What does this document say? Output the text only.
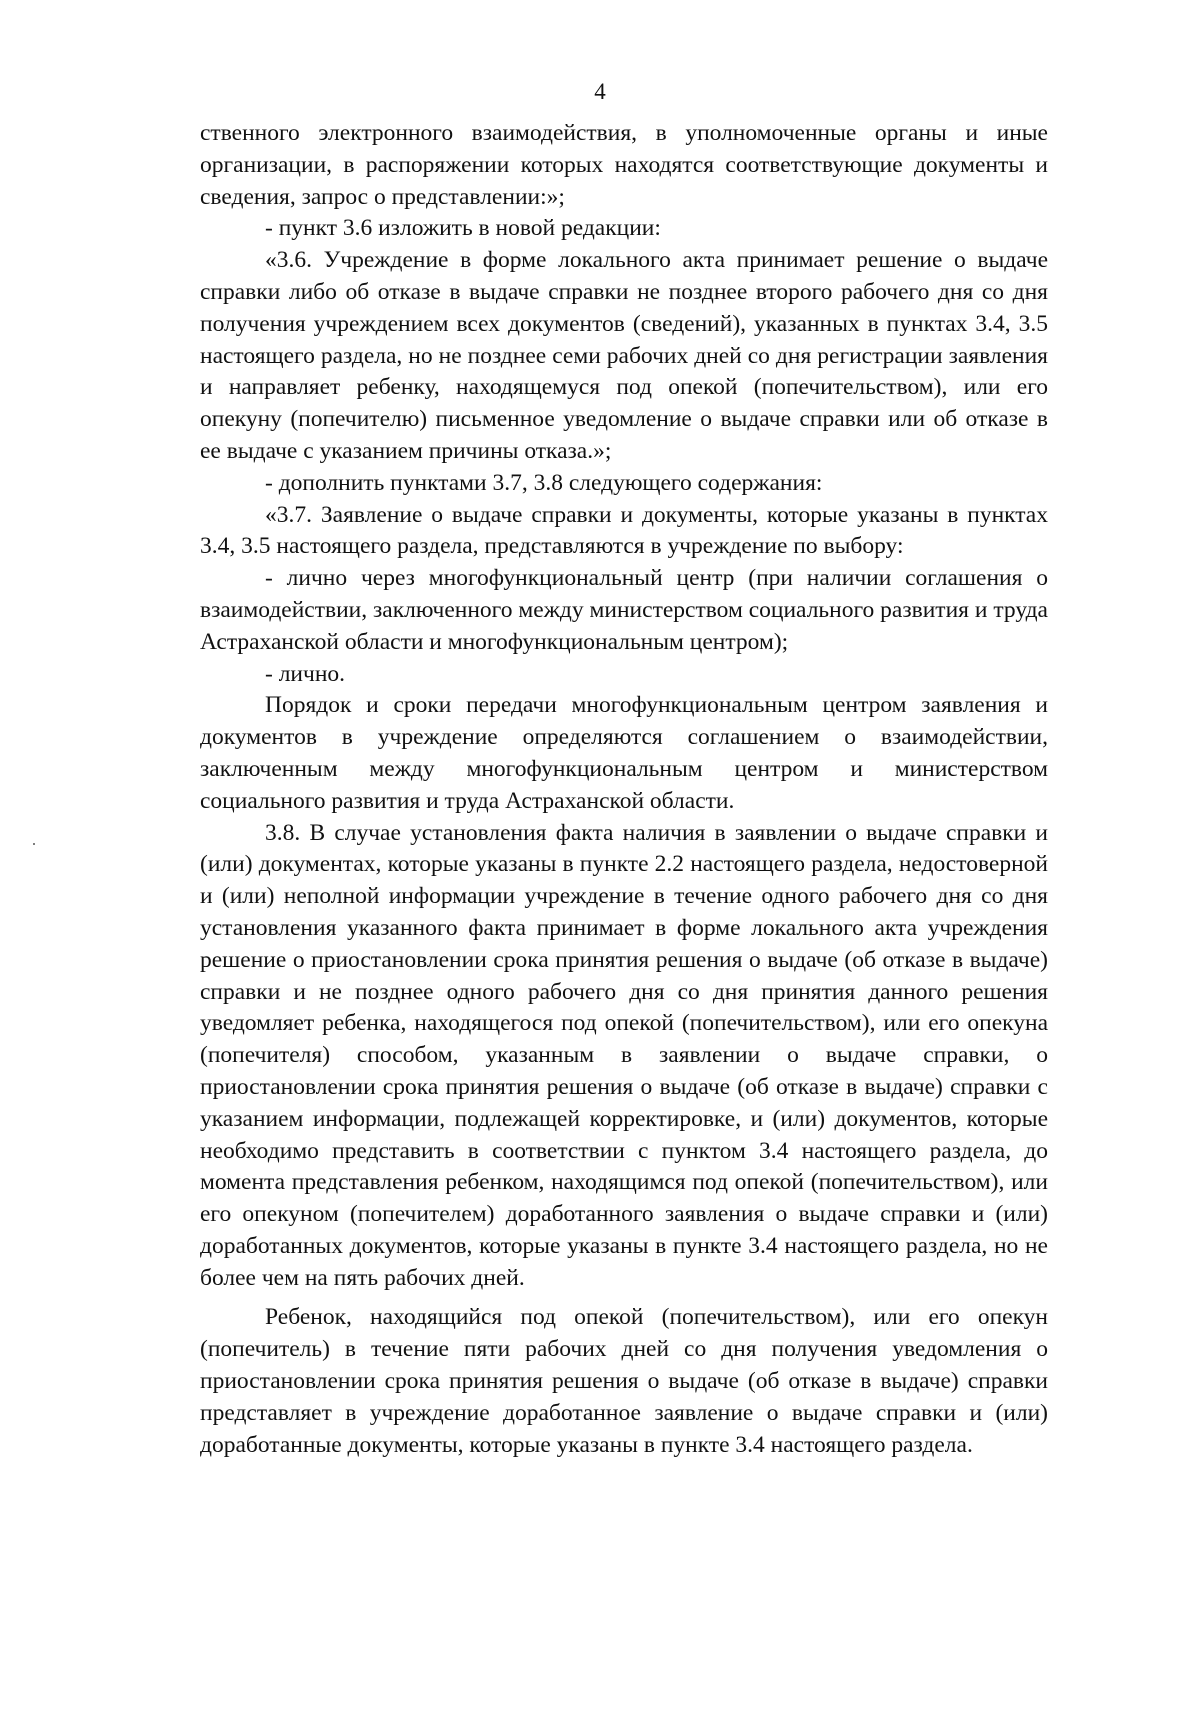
4

ственного электронного взаимодействия, в уполномоченные органы и иные организации, в распоряжении которых находятся соответствующие документы и сведения, запрос о представлении:»;

- пункт 3.6 изложить в новой редакции:

«3.6. Учреждение в форме локального акта принимает решение о выдаче справки либо об отказе в выдаче справки не позднее второго рабочего дня со дня получения учреждением всех документов (сведений), указанных в пунктах 3.4, 3.5 настоящего раздела, но не позднее семи рабочих дней со дня регистрации заявления и направляет ребенку, находящемуся под опекой (попечительством), или его опекуну (попечителю) письменное уведомление о выдаче справки или об отказе в ее выдаче с указанием причины отказа.»;

- дополнить пунктами 3.7, 3.8 следующего содержания:

«3.7. Заявление о выдаче справки и документы, которые указаны в пунктах 3.4, 3.5 настоящего раздела, представляются в учреждение по выбору:

- лично через многофункциональный центр (при наличии соглашения о взаимодействии, заключенного между министерством социального развития и труда Астраханской области и многофункциональным центром);

- лично.

Порядок и сроки передачи многофункциональным центром заявления и документов в учреждение определяются соглашением о взаимодействии, заключенным между многофункциональным центром и министерством социального развития и труда Астраханской области.

3.8. В случае установления факта наличия в заявлении о выдаче справки и (или) документах, которые указаны в пункте 2.2 настоящего раздела, недостоверной и (или) неполной информации учреждение в течение одного рабочего дня со дня установления указанного факта принимает в форме локального акта учреждения решение о приостановлении срока принятия решения о выдаче (об отказе в выдаче) справки и не позднее одного рабочего дня со дня принятия данного решения уведомляет ребенка, находящегося под опекой (попечительством), или его опекуна (попечителя) способом, указанным в заявлении о выдаче справки, о приостановлении срока принятия решения о выдаче (об отказе в выдаче) справки с указанием информации, подлежащей корректировке, и (или) документов, которые необходимо представить в соответствии с пунктом 3.4 настоящего раздела, до момента представления ребенком, находящимся под опекой (попечительством), или его опекуном (попечителем) доработанного заявления о выдаче справки и (или) доработанных документов, которые указаны в пункте 3.4 настоящего раздела, но не более чем на пять рабочих дней.

Ребенок, находящийся под опекой (попечительством), или его опекун (попечитель) в течение пяти рабочих дней со дня получения уведомления о приостановлении срока принятия решения о выдаче (об отказе в выдаче) справки представляет в учреждение доработанное заявление о выдаче справки и (или) доработанные документы, которые указаны в пункте 3.4 настоящего раздела.
